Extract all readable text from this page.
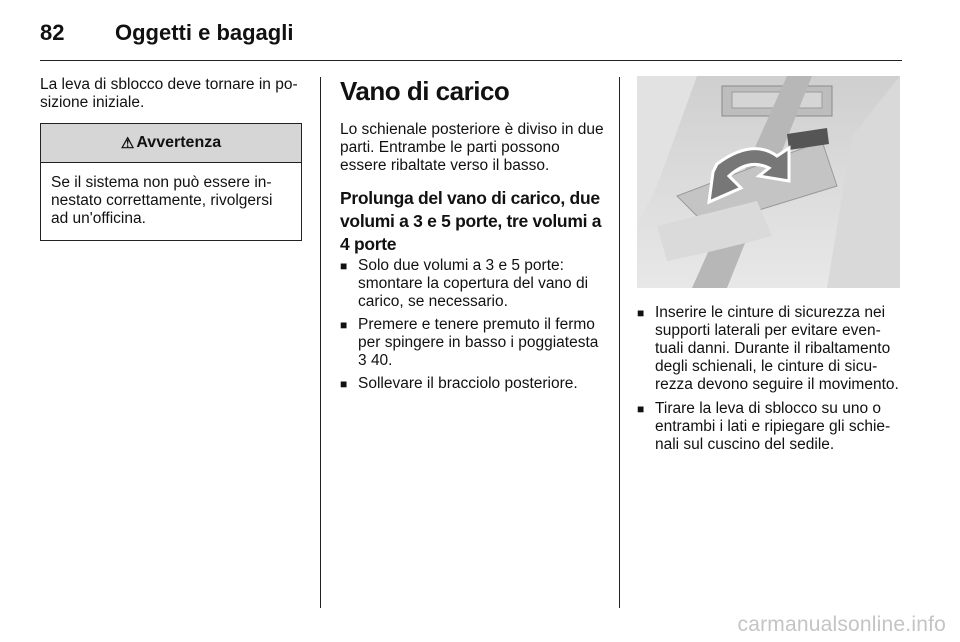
82 Oggetti e bagagli

La leva di sblocco deve tornare in po-sizione iniziale.

⚠ Avvertenza
Se il sistema non può essere in-nestato correttamente, rivolgersi ad un'officina.
Vano di carico

Lo schienale posteriore è diviso in due parti. Entrambe le parti possono essere ribaltate verso il basso.

Prolunga del vano di carico, due volumi a 3 e 5 porte, tre volumi a 4 porte
■ Solo due volumi a 3 e 5 porte: smontare la copertura del vano di carico, se necessario.
■ Premere e tenere premuto il fermo per spingere in basso i poggiatesta
3 40.
■ Sollevare il bracciolo posteriore.
■ Inserire le cinture di sicurezza nei supporti laterali per evitare even-tuali danni. Durante il ribaltamento degli schienali, le cinture di sicu-rezza devono seguire il movimento.
■ Tirare la leva di sblocco su uno o entrambi i lati e ripiegare gli schie-nali sul cuscino del sedile.
carmanualsonline.info
